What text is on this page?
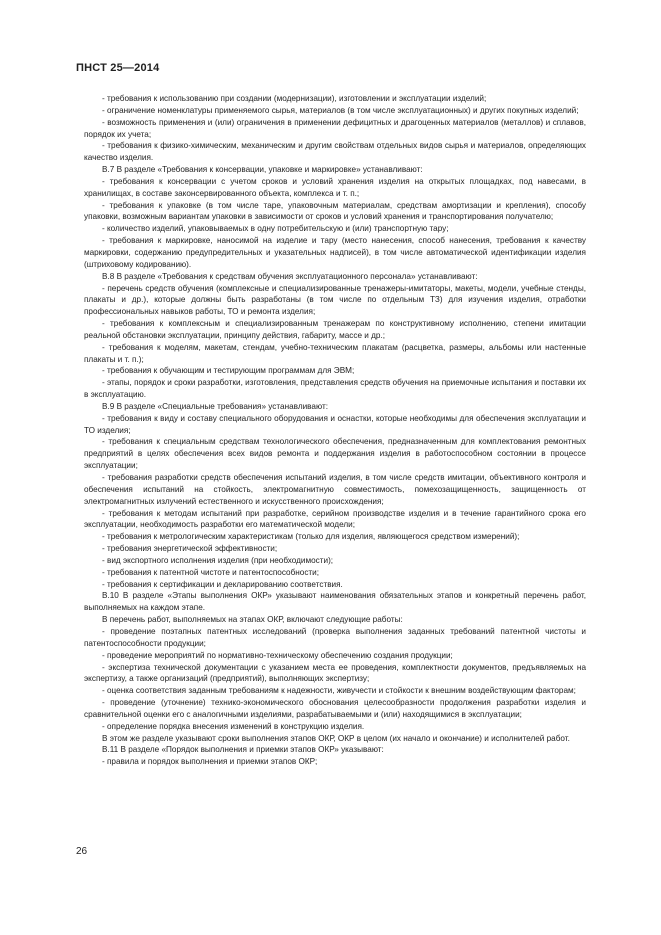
ПНСТ 25—2014

- требования к использованию при создании (модернизации), изготовлении и эксплуатации изделий;

- ограничение номенклатуры применяемого сырья, материалов (в том числе эксплуатационных) и других покупных изделий;

- возможность применения и (или) ограничения в применении дефицитных и драгоценных материалов (металлов) и сплавов, порядок их учета;

- требования к физико-химическим, механическим и другим свойствам отдельных видов сырья и материалов, определяющих качество изделия.

В.7 В разделе «Требования к консервации, упаковке и маркировке» устанавливают:

- требования к консервации с учетом сроков и условий хранения изделия на открытых площадках, под навесами, в хранилищах, в составе законсервированного объекта, комплекса и т. п.;

- требования к упаковке (в том числе таре, упаковочным материалам, средствам амортизации и крепления), способу упаковки, возможным вариантам упаковки в зависимости от сроков и условий хранения и транспортирования получателю;

- количество изделий, упаковываемых в одну потребительскую и (или) транспортную тару;

- требования к маркировке, наносимой на изделие и тару (место нанесения, способ нанесения, требования к качеству маркировки, содержанию предупредительных и указательных надписей), в том числе автоматической идентификации изделия (штриховому кодированию).

В.8 В разделе «Требования к средствам обучения эксплуатационного персонала» устанавливают:

- перечень средств обучения (комплексные и специализированные тренажеры-имитаторы, макеты, модели, учебные стенды, плакаты и др.), которые должны быть разработаны (в том числе по отдельным ТЗ) для изучения изделия, отработки профессиональных навыков работы, ТО и ремонта изделия;

- требования к комплексным и специализированным тренажерам по конструктивному исполнению, степени имитации реальной обстановки эксплуатации, принципу действия, габариту, массе и др.;

- требования к моделям, макетам, стендам, учебно-техническим плакатам (расцветка, размеры, альбомы или настенные плакаты и т. п.);

- требования к обучающим и тестирующим программам для ЭВМ;

- этапы, порядок и сроки разработки, изготовления, представления средств обучения на приемочные испытания и поставки их в эксплуатацию.

В.9 В разделе «Специальные требования» устанавливают:

- требования к виду и составу специального оборудования и оснастки, которые необходимы для обеспечения эксплуатации и ТО изделия;

- требования к специальным средствам технологического обеспечения, предназначенным для комплектования ремонтных предприятий в целях обеспечения всех видов ремонта и поддержания изделия в работоспособном состоянии в процессе эксплуатации;

- требования разработки средств обеспечения испытаний изделия, в том числе средств имитации, объективного контроля и обеспечения испытаний на стойкость, электромагнитную совместимость, помехозащищенность, защищенность от электромагнитных излучений естественного и искусственного происхождения;

- требования к методам испытаний при разработке, серийном производстве изделия и в течение гарантийного срока его эксплуатации, необходимость разработки его математической модели;

- требования к метрологическим характеристикам (только для изделия, являющегося средством измерений);

- требования энергетической эффективности;

- вид экспортного исполнения изделия (при необходимости);

- требования к патентной чистоте и патентоспособности;

- требования к сертификации и декларированию соответствия.

В.10 В разделе «Этапы выполнения ОКР» указывают наименования обязательных этапов и конкретный перечень работ, выполняемых на каждом этапе.

В перечень работ, выполняемых на этапах ОКР, включают следующие работы:

- проведение поэтапных патентных исследований (проверка выполнения заданных требований патентной чистоты и патентоспособности продукции;

- проведение мероприятий по нормативно-техническому обеспечению создания продукции;

- экспертиза технической документации с указанием места ее проведения, комплектности документов, предъявляемых на экспертизу, а также организаций (предприятий), выполняющих экспертизу;

- оценка соответствия заданным требованиям к надежности, живучести и стойкости к внешним воздействующим факторам;

- проведение (уточнение) технико-экономического обоснования целесообразности продолжения разработки изделия и сравнительной оценки его с аналогичными изделиями, разрабатываемыми и (или) находящимися в эксплуатации;

- определение порядка внесения изменений в конструкцию изделия.

В этом же разделе указывают сроки выполнения этапов ОКР, ОКР в целом (их начало и окончание) и исполнителей работ.

В.11 В разделе «Порядок выполнения и приемки этапов ОКР» указывают:

- правила и порядок выполнения и приемки этапов ОКР;

26
